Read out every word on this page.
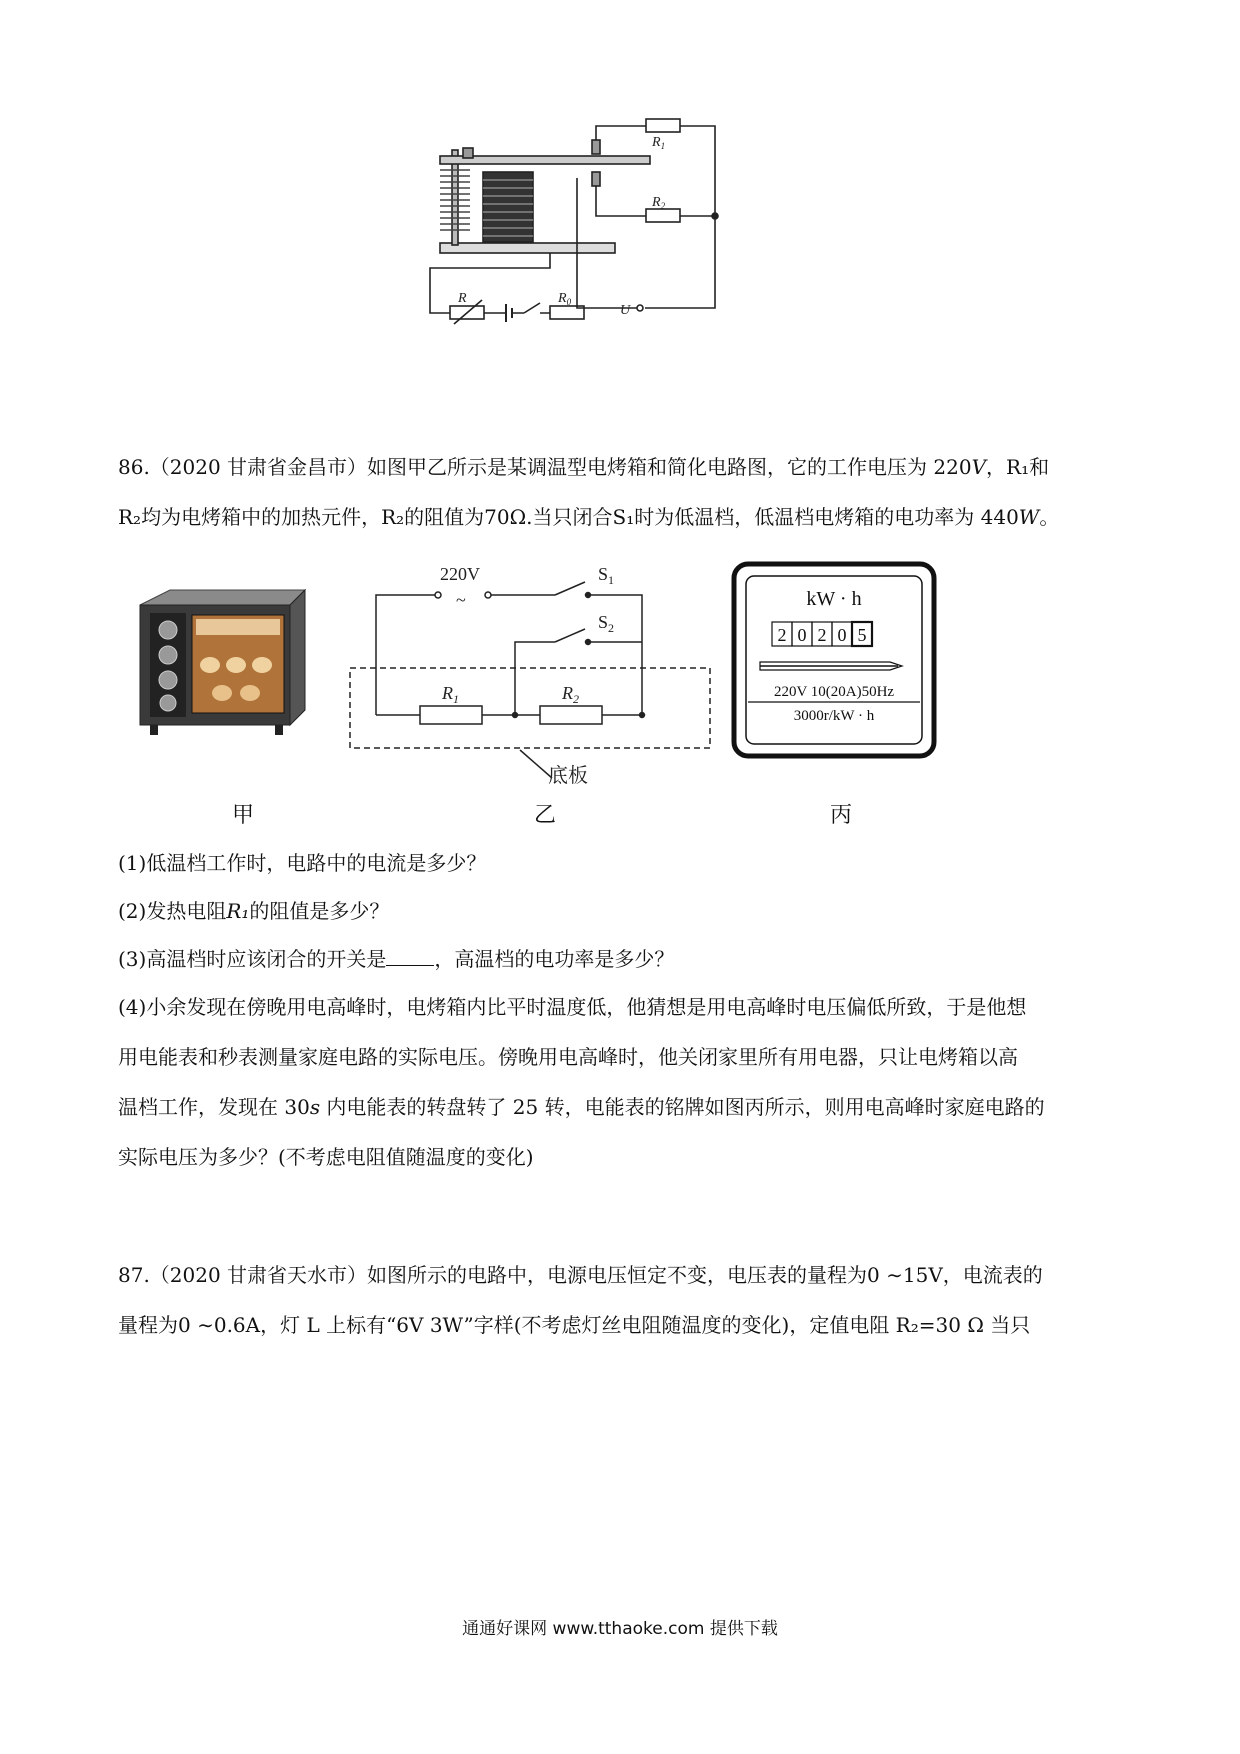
$R_1$
$R_2$
R	$R_0$
U
86.（2020 甘肃省金昌市）如图甲乙所示是某调温型电烤箱和简化电路图，它的工作电压为 220V，R₁和
R₂均为电烤箱中的加热元件，R₂的阻值为70Ω.当只闭合S₁时为低温档，低温档电烤箱的电功率为 440W。
220V
~
$S_1$
$S_2$
$R_1$	$R_2$
底板
kW · h
2 0 2 0 5
220V 10(20A)50Hz
3000r/kW · h
甲	乙	丙
(1)低温档工作时，电路中的电流是多少？
(2)发热电阻R₁的阻值是多少？
(3)高温档时应该闭合的开关是 ，高温档的电功率是多少？
(4)小余发现在傍晚用电高峰时，电烤箱内比平时温度低，他猜想是用电高峰时电压偏低所致，于是他想
用电能表和秒表测量家庭电路的实际电压。傍晚用电高峰时，他关闭家里所有用电器，只让电烤箱以高
温档工作，发现在 30s 内电能表的转盘转了 25 转，电能表的铭牌如图丙所示，则用电高峰时家庭电路的
实际电压为多少？(不考虑电阻值随温度的变化)
87.（2020 甘肃省天水市）如图所示的电路中，电源电压恒定不变，电压表的量程为0 ∼15V，电流表的
量程为0 ∼0.6A，灯 L 上标有“6V 3W”字样(不考虑灯丝电阻随温度的变化)，定值电阻 R₂=30 Ω 当只
通通好课网 www.tthaoke.com 提供下载
